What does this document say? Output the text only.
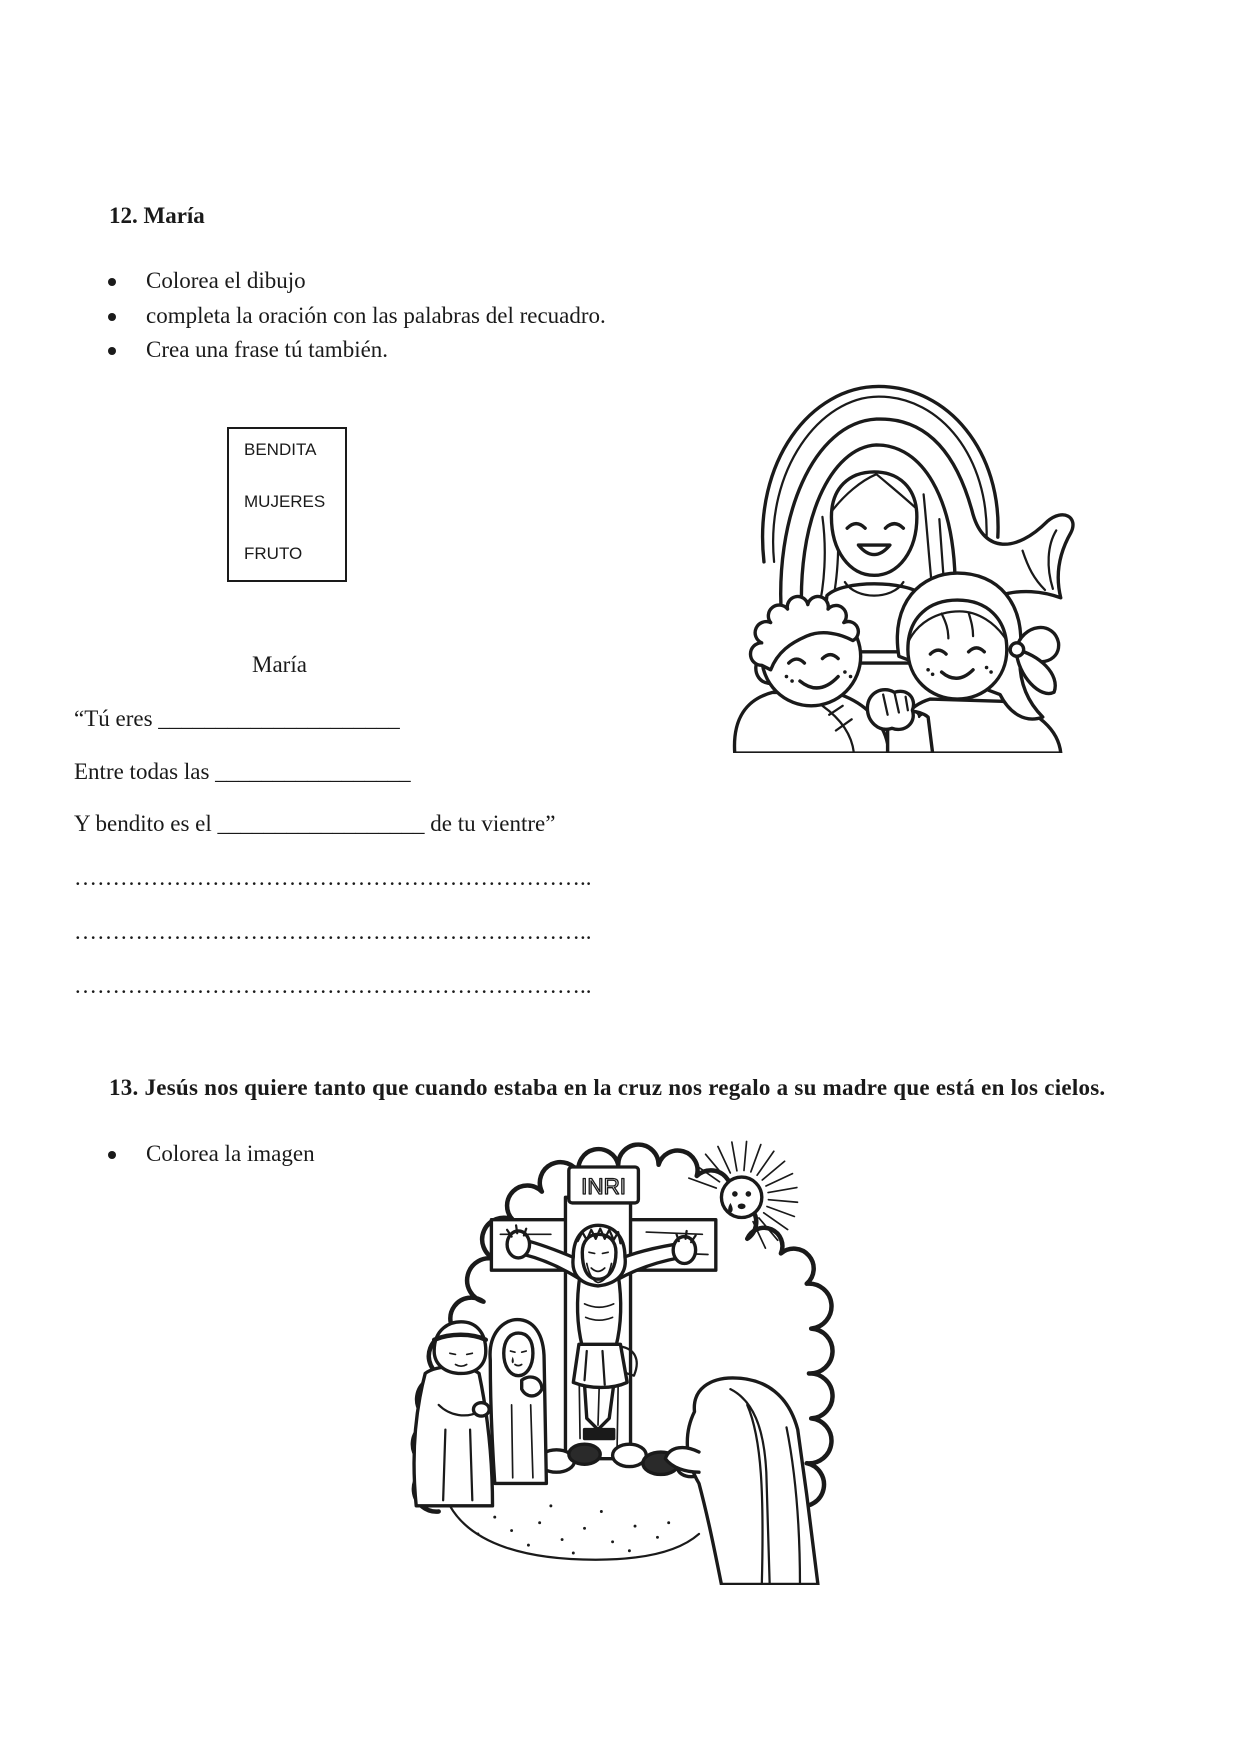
12. María
Colorea el dibujo
completa la oración con las palabras del recuadro.
Crea una frase tú también.
BENDITA
MUJERES
FRUTO
María
“Tú eres _____________________
Entre todas las _________________
Y bendito es el __________________ de tu vientre”
…………………………………………………………..
…………………………………………………………..
…………………………………………………………..
13. Jesús nos quiere tanto que cuando estaba en la cruz nos regalo a su madre que está en los cielos.
Colorea la imagen
INRI
